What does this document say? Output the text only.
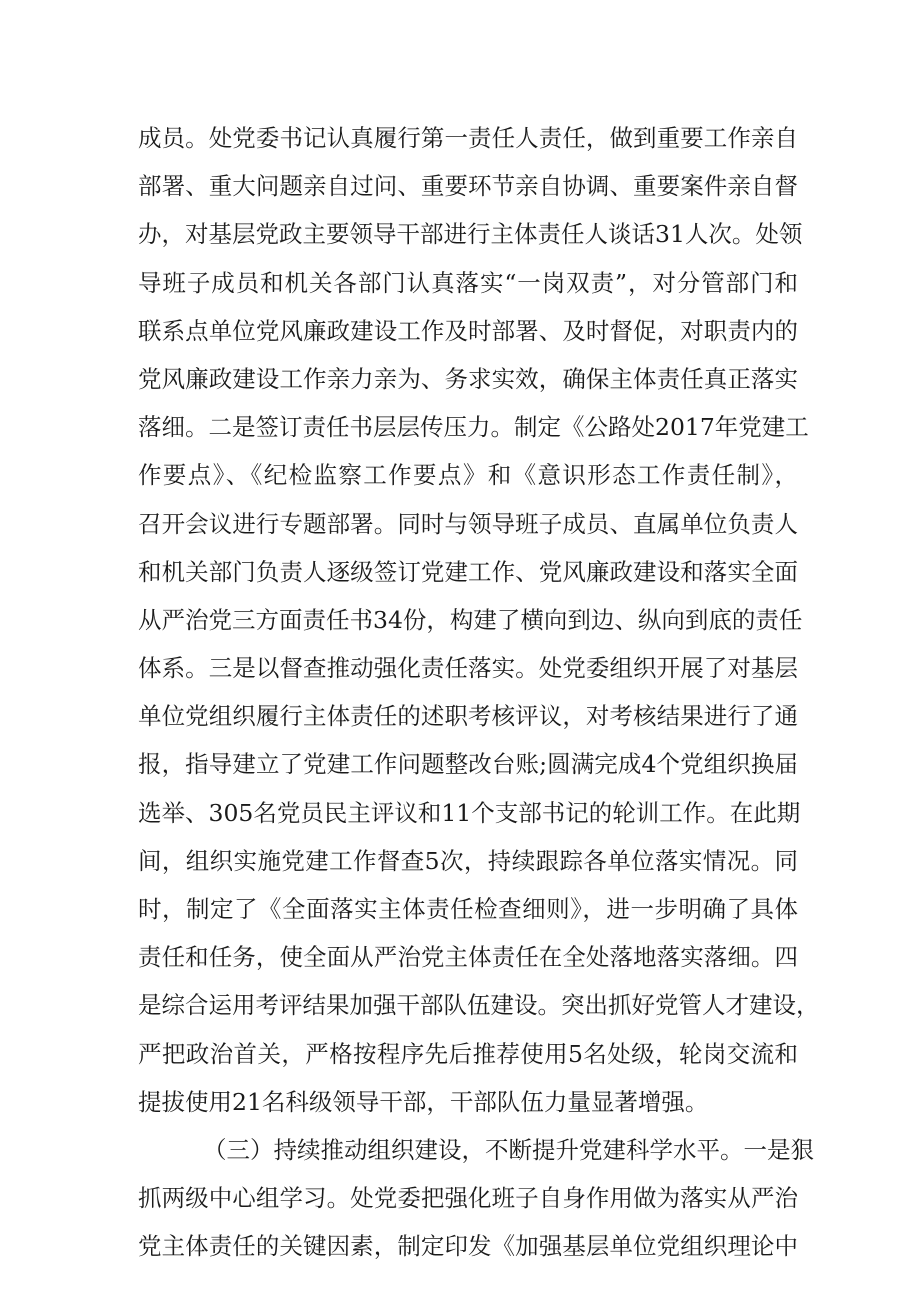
成员。处党委书记认真履行第一责任人责任，做到重要工作亲自
部署、重大问题亲自过问、重要环节亲自协调、重要案件亲自督
办，对基层党政主要领导干部进行主体责任人谈话31人次。处领
导班子成员和机关各部门认真落实“一岗双责”，对分管部门和
联系点单位党风廉政建设工作及时部署、及时督促，对职责内的
党风廉政建设工作亲力亲为、务求实效，确保主体责任真正落实
落细。二是签订责任书层层传压力。制定《公路处2017年党建工
作要点》、《纪检监察工作要点》和《意识形态工作责任制》，
召开会议进行专题部署。同时与领导班子成员、直属单位负责人
和机关部门负责人逐级签订党建工作、党风廉政建设和落实全面
从严治党三方面责任书34份，构建了横向到边、纵向到底的责任
体系。三是以督查推动强化责任落实。处党委组织开展了对基层
单位党组织履行主体责任的述职考核评议，对考核结果进行了通
报，指导建立了党建工作问题整改台账;圆满完成4个党组织换届
选举、305名党员民主评议和11个支部书记的轮训工作。在此期
间，组织实施党建工作督查5次，持续跟踪各单位落实情况。同
时，制定了《全面落实主体责任检查细则》，进一步明确了具体
责任和任务，使全面从严治党主体责任在全处落地落实落细。四
是综合运用考评结果加强干部队伍建设。突出抓好党管人才建设，
严把政治首关，严格按程序先后推荐使用5名处级，轮岗交流和
提拔使用21名科级领导干部，干部队伍力量显著增强。
（三）持续推动组织建设，不断提升党建科学水平。一是狠
抓两级中心组学习。处党委把强化班子自身作用做为落实从严治
党主体责任的关键因素，制定印发《加强基层单位党组织理论中
